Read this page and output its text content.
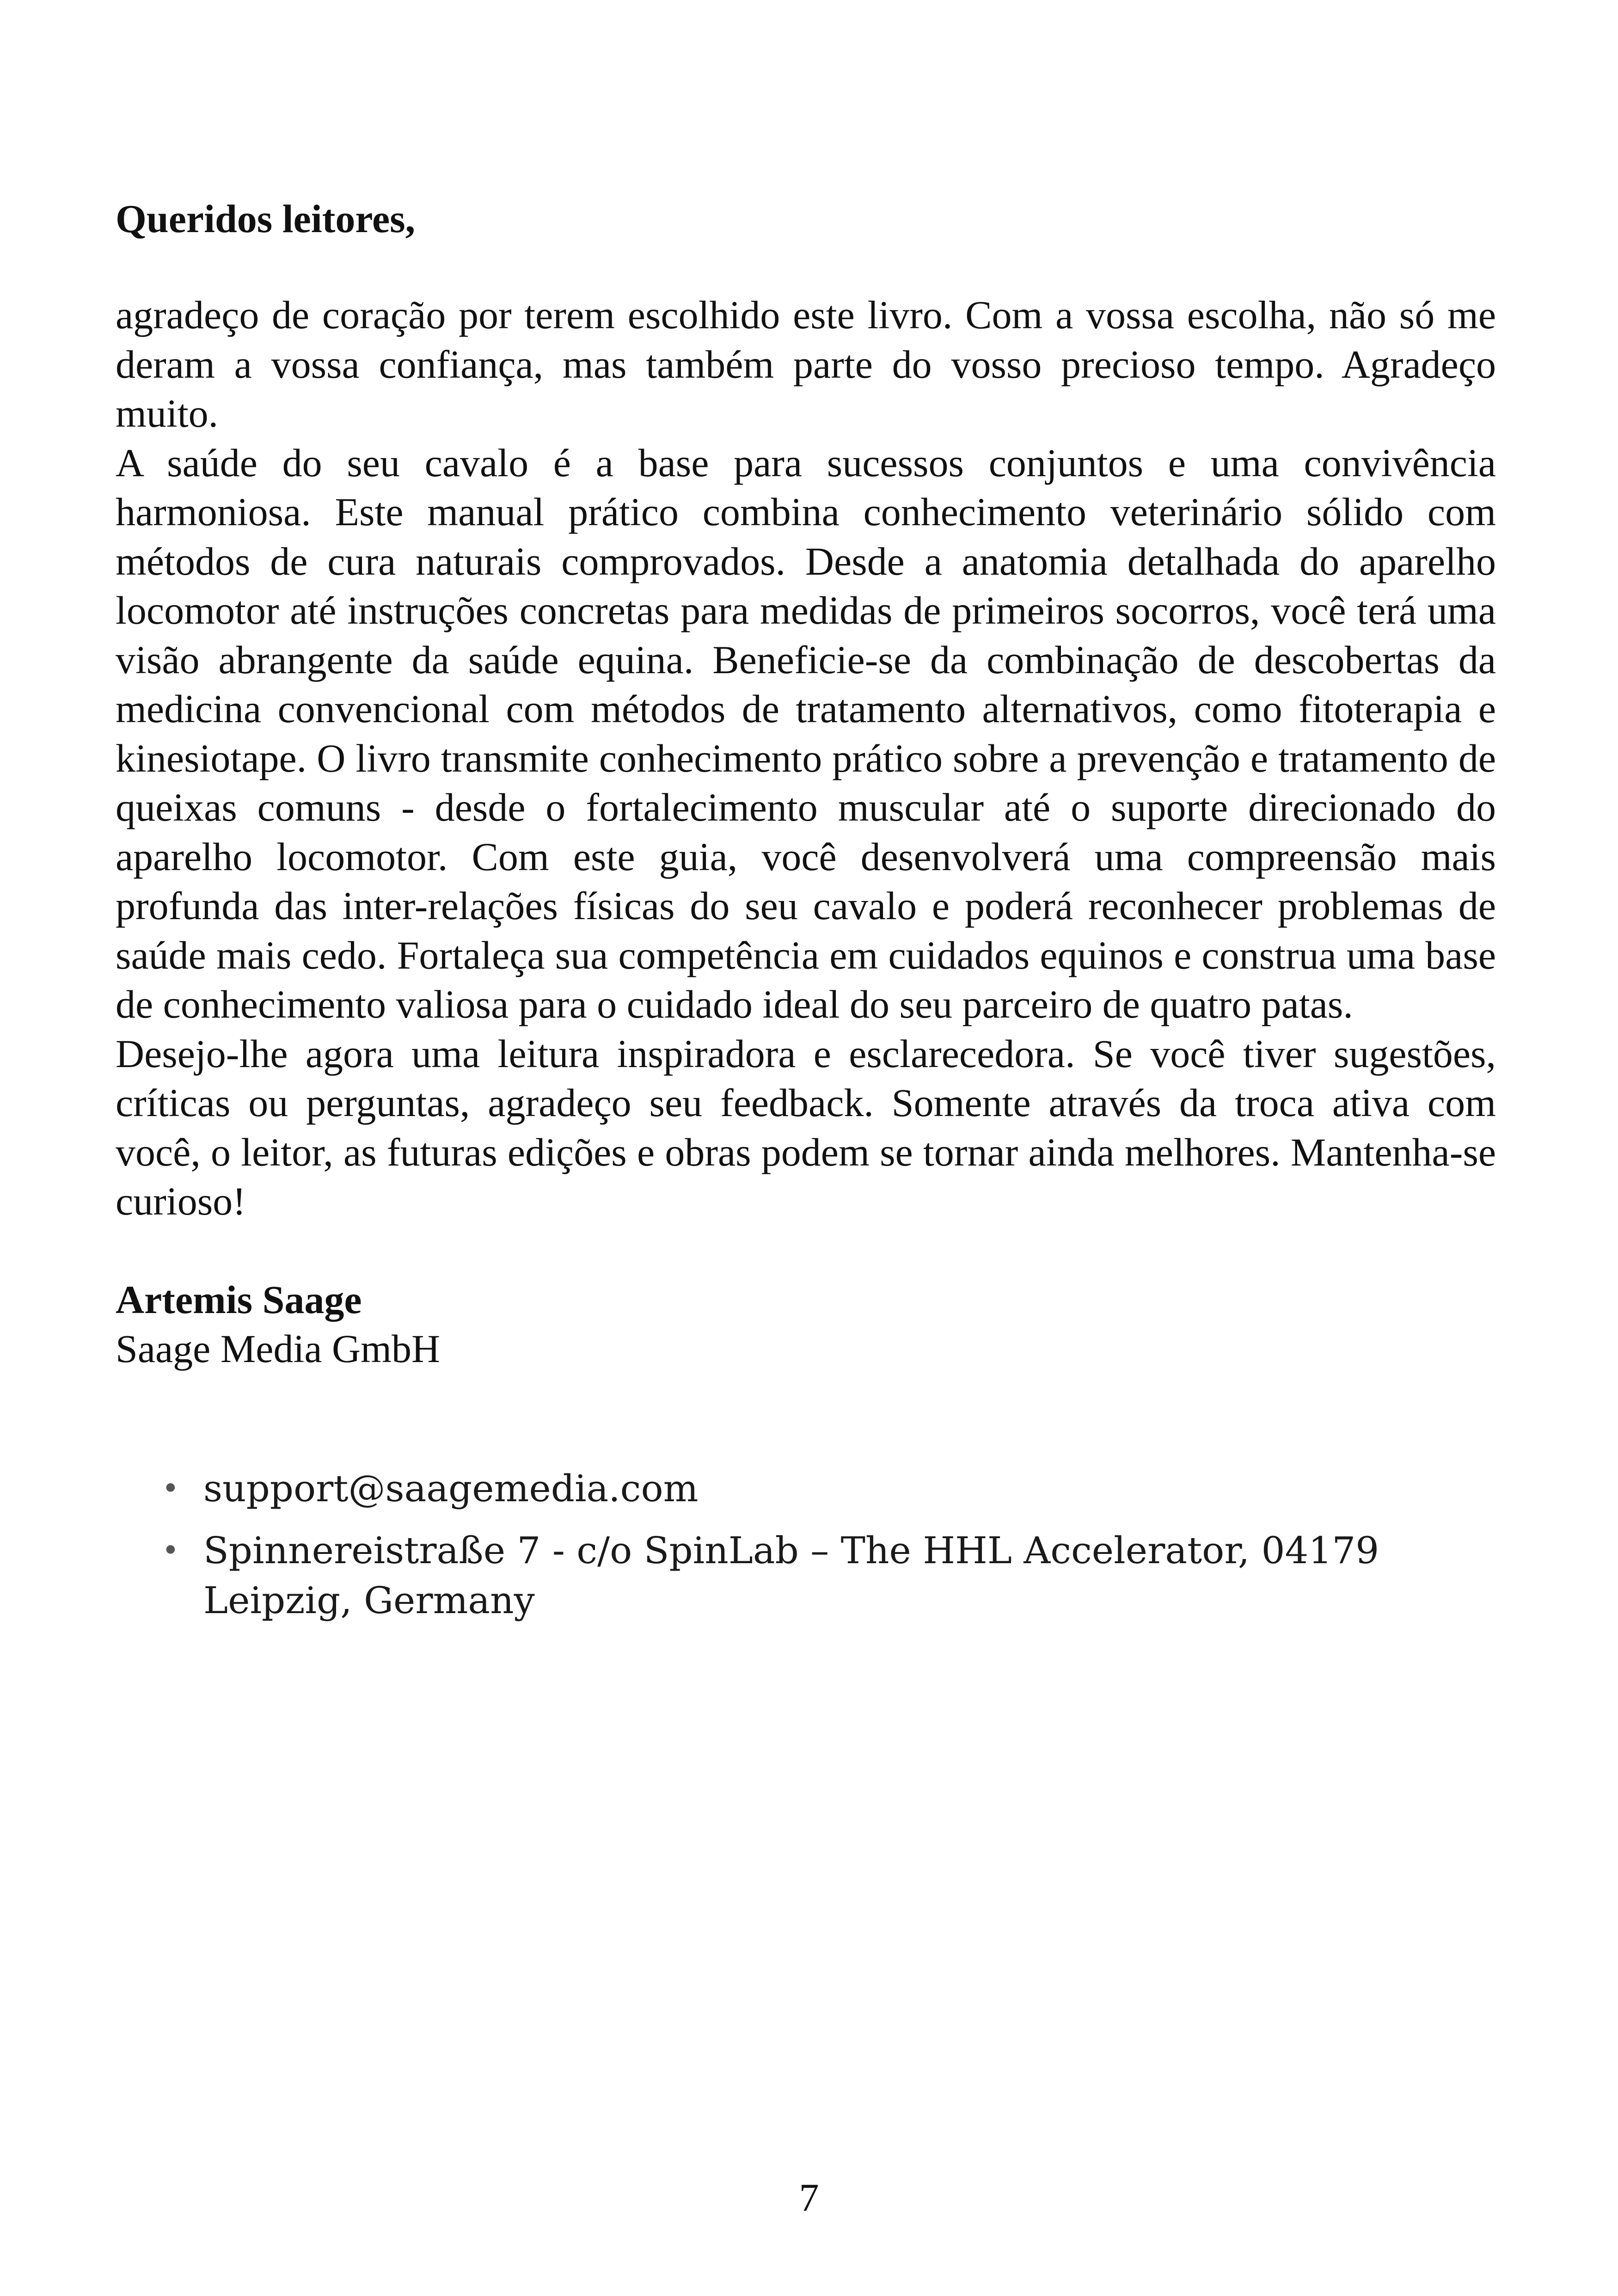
Queridos leitores,

agradeço de coração por terem escolhido este livro. Com a vossa escolha, não só me deram a vossa confiança, mas também parte do vosso precioso tempo. Agradeço muito.

A saúde do seu cavalo é a base para sucessos conjuntos e uma convivência harmoniosa. Este manual prático combina conhecimento veterinário sólido com métodos de cura naturais comprovados. Desde a anatomia detalhada do aparelho locomotor até instruções concretas para medidas de primeiros socorros, você terá uma visão abrangente da saúde equina. Beneficie-se da combinação de descobertas da medicina convencional com métodos de tratamento alternativos, como fitoterapia e kinesiotape. O livro transmite conhecimento prático sobre a prevenção e tratamento de queixas comuns - desde o fortalecimento muscular até o suporte direcionado do aparelho locomotor. Com este guia, você desenvolverá uma compreensão mais profunda das inter-relações físicas do seu cavalo e poderá reconhecer problemas de saúde mais cedo. Fortaleça sua competência em cuidados equinos e construa uma base de conhecimento valiosa para o cuidado ideal do seu parceiro de quatro patas.

Desejo-lhe agora uma leitura inspiradora e esclarecedora. Se você tiver sugestões, críticas ou perguntas, agradeço seu feedback. Somente através da troca ativa com você, o leitor, as futuras edições e obras podem se tornar ainda melhores. Mantenha-se curioso!

Artemis Saage
Saage Media GmbH
• support@saagemedia.com
• Spinnereistraße 7 - c/o SpinLab – The HHL Accelerator, 04179 Leipzig, Germany
7
